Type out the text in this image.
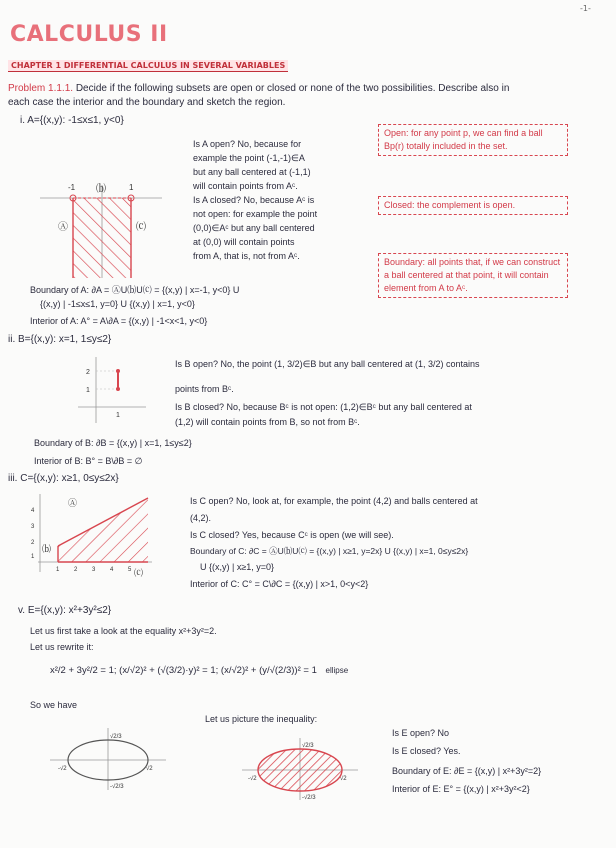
-1-
CALCULUS II
CHAPTER 1 DIFFERENTIAL CALCULUS IN SEVERAL VARIABLES
Problem 1.1.1. Decide if the following subsets are open or closed or none of the two possibilities. Describe also in
each case the interior and the boundary and sketch the region.
i. A={(x,y): -1≤x≤1, y<0}
-1	1
Ⓐ
⒝
⒞
Is A open? No, because for
example the point (-1,-1)∈A
but any ball centered at (-1,1)
will contain points from Aᶜ.
Is A closed? No, because Aᶜ is
not open: for example the point
(0,0)∈Aᶜ but any ball centered
at (0,0) will contain points
from A, that is, not from Aᶜ.
Open: for any point p, we can find a ball Bp(r) totally included in the set.
Closed: the complement is open.
Boundary: all points that, if we can construct a ball centered at that point, it will contain element from A to Aᶜ.
Boundary of A: ∂A = ⒶU⒝U⒞ = {(x,y) | x=-1, y<0} U
{(x,y) | -1≤x≤1, y=0} U {(x,y) | x=1, y<0}
Interior of A: A° = A\∂A = {(x,y) | -1<x<1, y<0}
ii. B={(x,y): x=1, 1≤y≤2}
2
1
1
Is B open? No, the point (1, 3/2)∈B but any ball centered at (1, 3/2) contains
points from Bᶜ.
Is B closed? No, because Bᶜ is not open: (1,2)∈Bᶜ but any ball centered at
(1,2) will contain points from B, so not from Bᶜ.
Boundary of B: ∂B = {(x,y) | x=1, 1≤y≤2}
Interior of B: B° = B\∂B = ∅
iii. C={(x,y): x≥1, 0≤y≤2x}
4
3
2
1
1 2 3 4 5
Ⓐ
⒝
⒞
Is C open? No, look at, for example, the point (4,2) and balls centered at
(4,2).
Is C closed? Yes, because Cᶜ is open (we will see).
Boundary of C: ∂C = ⒶU⒝U⒞ = {(x,y) | x≥1, y=2x} U {(x,y) | x=1, 0≤y≤2x}
U {(x,y) | x≥1, y=0}
Interior of C: C° = C\∂C = {(x,y) | x>1, 0<y<2}
v. E={(x,y): x²+3y²≤2}
Let us first take a look at the equality x²+3y²=2.
Let us rewrite it:
x²/2 + 3y²/2 = 1; (x/√2)² + (√(3/2)·y)² = 1; (x/√2)² + (y/√(2/3))² = 1 ellipse
So we have
Let us picture the inequality:
√2/3
-√2	√2
-√2/3
√2/3
-√2	√2
-√2/3
Is E open? No
Is E closed? Yes.
Boundary of E: ∂E = {(x,y) | x²+3y²=2}
Interior of E: E° = {(x,y) | x²+3y²<2}
